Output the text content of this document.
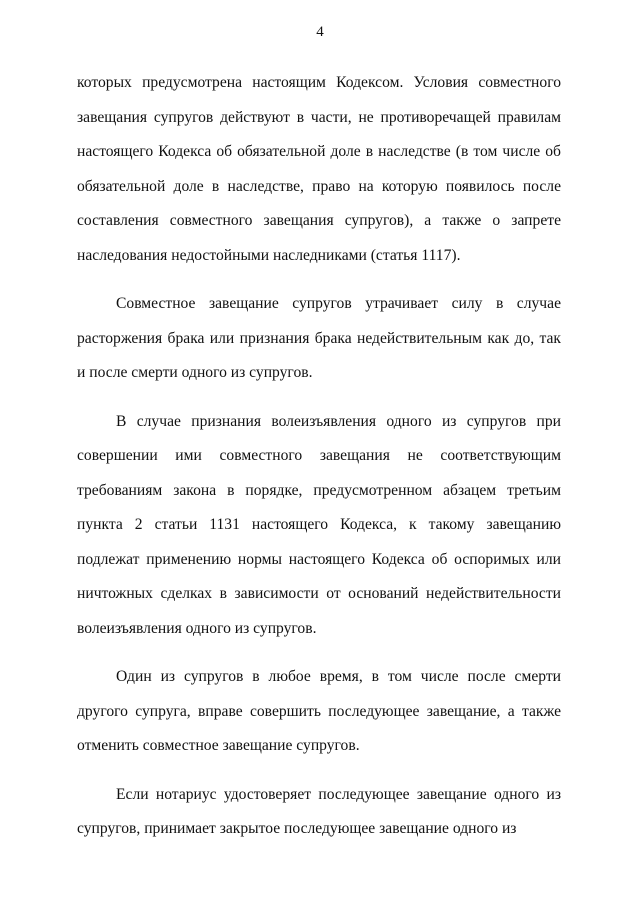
4

которых предусмотрена настоящим Кодексом. Условия совместного завещания супругов действуют в части, не противоречащей правилам настоящего Кодекса об обязательной доле в наследстве (в том числе об обязательной доле в наследстве, право на которую появилось после составления совместного завещания супругов), а также о запрете наследования недостойными наследниками (статья 1117).

Совместное завещание супругов утрачивает силу в случае расторжения брака или признания брака недействительным как до, так и после смерти одного из супругов.

В случае признания волеизъявления одного из супругов при совершении ими совместного завещания не соответствующим требованиям закона в порядке, предусмотренном абзацем третьим пункта 2 статьи 1131 настоящего Кодекса, к такому завещанию подлежат применению нормы настоящего Кодекса об оспоримых или ничтожных сделках в зависимости от оснований недействительности волеизъявления одного из супругов.

Один из супругов в любое время, в том числе после смерти другого супруга, вправе совершить последующее завещание, а также отменить совместное завещание супругов.

Если нотариус удостоверяет последующее завещание одного из супругов, принимает закрытое последующее завещание одного из
